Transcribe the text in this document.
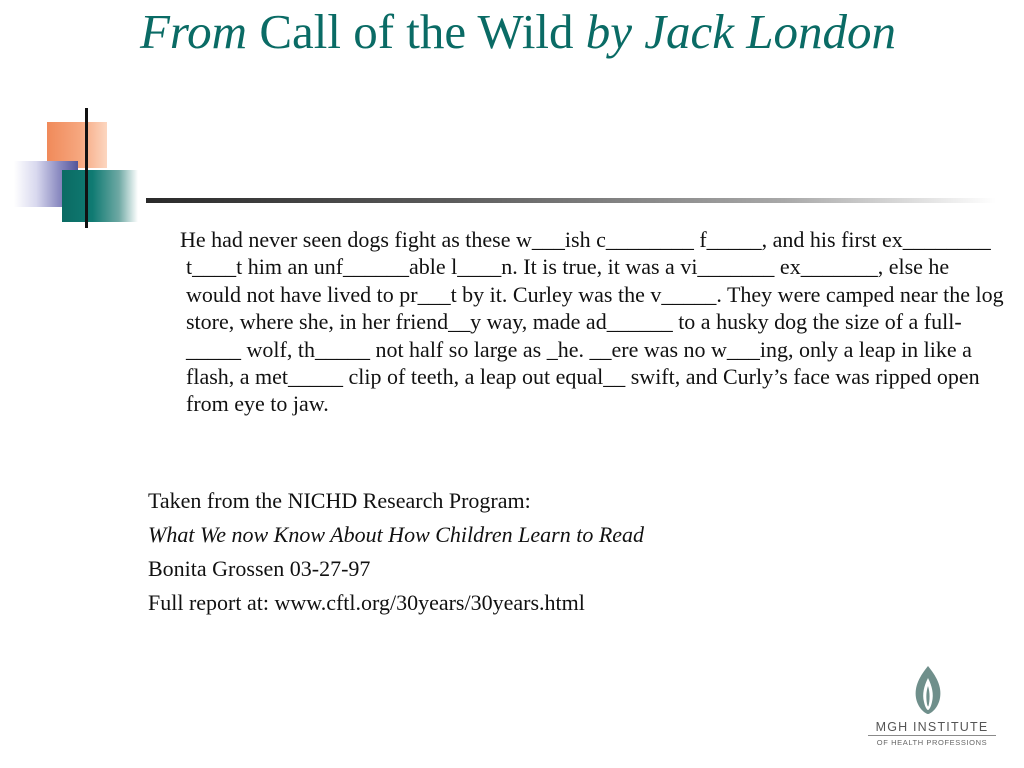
From Call of the Wild by Jack London

He had never seen dogs fight as these w___ish c________ f_____, and his first ex________ t____t him an unf______able l____n. It is true, it was a vi_______ ex_______, else he would not have lived to pr___t by it. Curley was the v_____. They were camped near the log store, where she, in her friend__y way, made ad______ to a husky dog the size of a full-_____ wolf, th_____ not half so large as _he. __ere was no w___ing, only a leap in like a flash, a met_____ clip of teeth, a leap out equal__ swift, and Curly’s face was ripped open from eye to jaw.

Taken from the NICHD Research Program:
What We now Know About How Children Learn to Read
Bonita Grossen 03-27-97
Full report at: www.cftl.org/30years/30years.html
MGH INSTITUTE
OF HEALTH PROFESSIONS
